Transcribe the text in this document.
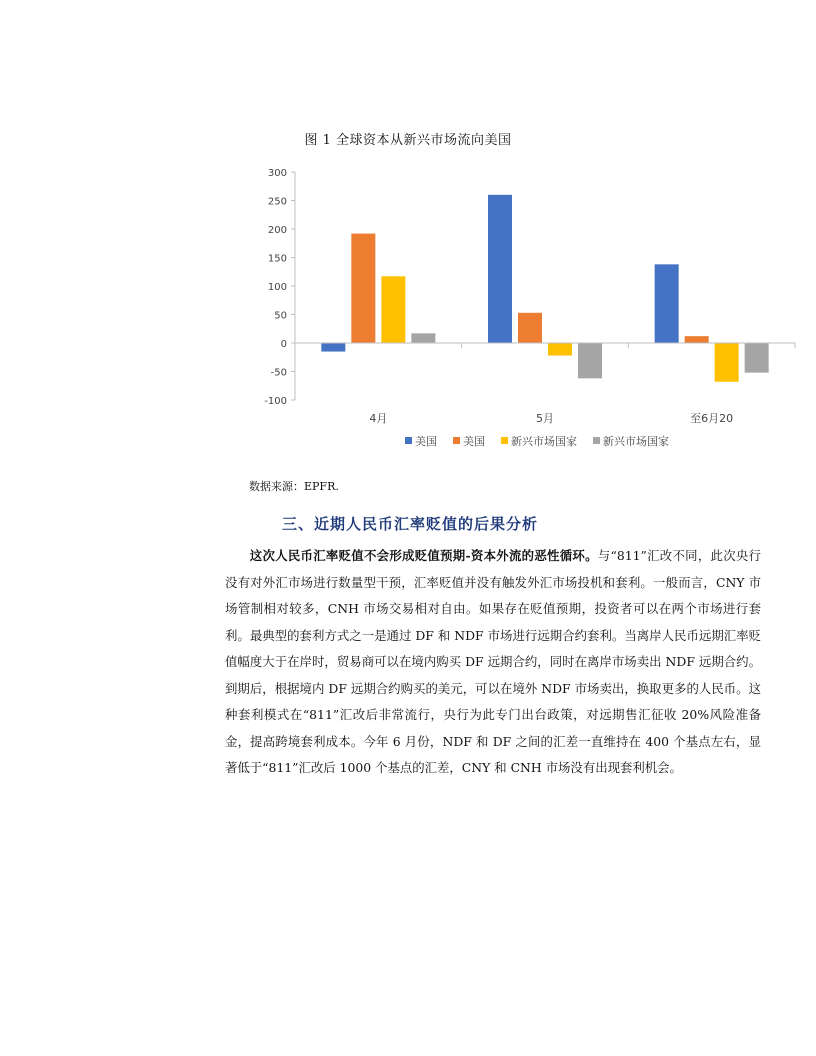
图 1 全球资本从新兴市场流向美国
-100
-50
0
50
100
150
200
250
300
4月	5月	至6月20
美国 美国 新兴市场国家 新兴市场国家
数据来源：EPFR.
三、近期人民币汇率贬值的后果分析
这次人民币汇率贬值不会形成贬值预期-资本外流的恶性循环。与“811”汇改不同，此次央行没有对外汇市场进行数量型干预，汇率贬值并没有触发外汇市场投机和套利。一般而言，CNY 市场管制相对较多，CNH 市场交易相对自由。如果存在贬值预期，投资者可以在两个市场进行套利。最典型的套利方式之一是通过 DF 和 NDF 市场进行远期合约套利。当离岸人民币远期汇率贬值幅度大于在岸时，贸易商可以在境内购买 DF 远期合约，同时在离岸市场卖出 NDF 远期合约。到期后，根据境内 DF 远期合约购买的美元，可以在境外 NDF 市场卖出，换取更多的人民币。这种套利模式在“811”汇改后非常流行，央行为此专门出台政策，对远期售汇征收 20%风险准备金，提高跨境套利成本。今年 6 月份，NDF 和 DF 之间的汇差一直维持在 400 个基点左右，显著低于“811”汇改后 1000 个基点的汇差，CNY 和 CNH 市场没有出现套利机会。
